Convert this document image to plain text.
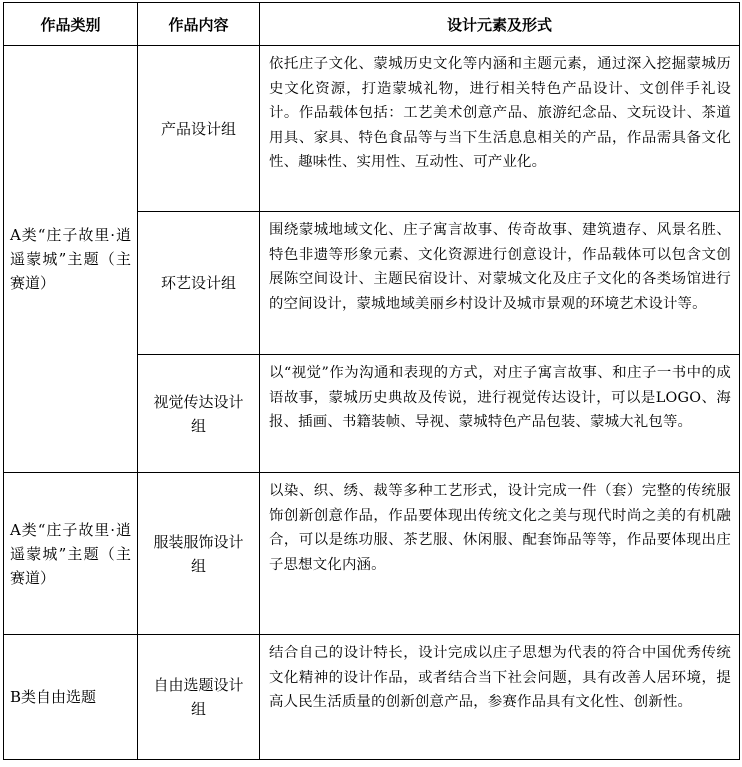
作品类别	作品内容	设计元素及形式
A类“庄子故里·逍遥蒙城”主题（主赛道）	产品设计组	依托庄子文化、蒙城历史文化等内涵和主题元素，通过深入挖掘蒙城历史文化资源，打造蒙城礼物，进行相关特色产品设计、文创伴手礼设计。作品载体包括：工艺美术创意产品、旅游纪念品、文玩设计、茶道用具、家具、特色食品等与当下生活息息相关的产品，作品需具备文化性、趣味性、实用性、互动性、可产业化。
	环艺设计组	围绕蒙城地域文化、庄子寓言故事、传奇故事、建筑遗存、风景名胜、特色非遗等形象元素、文化资源进行创意设计，作品载体可以包含文创展陈空间设计、主题民宿设计、对蒙城文化及庄子文化的各类场馆进行的空间设计，蒙城地域美丽乡村设计及城市景观的环境艺术设计等。
	视觉传达设计组	以“视觉”作为沟通和表现的方式，对庄子寓言故事、和庄子一书中的成语故事，蒙城历史典故及传说，进行视觉传达设计，可以是LOGO、海报、插画、书籍装帧、导视、蒙城特色产品包装、蒙城大礼包等。
A类“庄子故里·逍遥蒙城”主题（主赛道）	服装服饰设计组	以染、织、绣、裁等多种工艺形式，设计完成一件（套）完整的传统服饰创新创意作品，作品要体现出传统文化之美与现代时尚之美的有机融合，可以是练功服、茶艺服、休闲服、配套饰品等等，作品要体现出庄子思想文化内涵。
B类自由选题	自由选题设计组	结合自己的设计特长，设计完成以庄子思想为代表的符合中国优秀传统文化精神的设计作品，或者结合当下社会问题，具有改善人居环境，提高人民生活质量的创新创意产品，参赛作品具有文化性、创新性。
